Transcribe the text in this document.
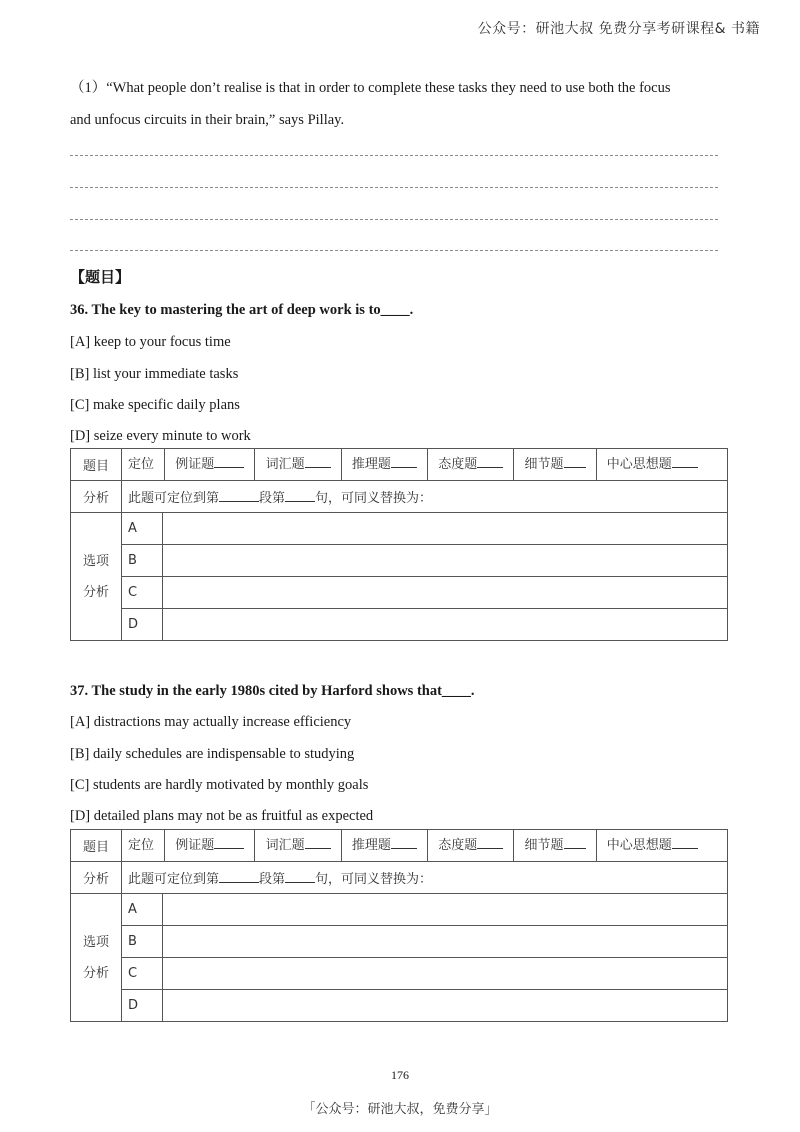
公众号：研池大叔 免费分享考研课程& 书籍
（1）“What people don’t realise is that in order to complete these tasks they need to use both the focus
and unfocus circuits in their brain,” says Pillay.
【题目】
36. The key to mastering the art of deep work is to____.
[A] keep to your focus time
[B] list your immediate tasks
[C] make specific daily plans
[D] seize every minute to work
题目	定位 例证题 词汇题 推理题 态度题 细节题 中心思想题	
分析	此题可定位到第 段第 句，可同义替换为：	

选项
分析	A	
	B	
	C	
	D	
37. The study in the early 1980s cited by Harford shows that____.
[A] distractions may actually increase efficiency
[B] daily schedules are indispensable to studying
[C] students are hardly motivated by monthly goals
[D] detailed plans may not be as fruitful as expected
题目	定位 例证题 词汇题 推理题 态度题 细节题 中心思想题	
分析	此题可定位到第 段第 句，可同义替换为：	

选项
分析	A	
	B	
	C	
	D	
176
「公众号：研池大叔，免费分享」
